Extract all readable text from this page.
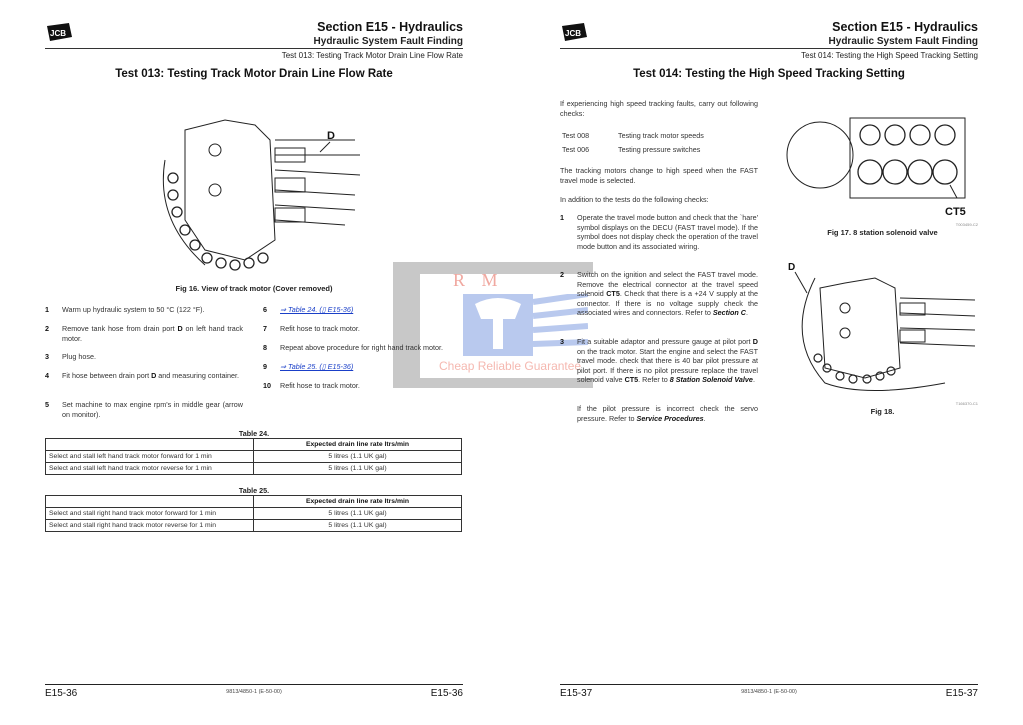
R M
Cheap Reliable Guarantee
JCB	Section E15 - Hydraulics
Hydraulic System Fault Finding
Test 013: Testing Track Motor Drain Line Flow Rate
Test 013: Testing Track Motor Drain Line Flow Rate
D
Fig 16. View of track motor (Cover removed)
1	Warm up hydraulic system to 50 °C (122 °F).
2	Remove tank hose from drain port D on left hand track motor.
3	Plug hose.
4	Fit hose between drain port D and measuring container.
5	Set machine to max engine rpm's in middle gear (arrow on monitor).
6	⇒ Table 24. (▯ E15-36)
7	Refit hose to track motor.
8	Repeat above procedure for right hand track motor.
9	⇒ Table 25. (▯ E15-36)
10	Refit hose to track motor.
Table 24.
	Expected drain line rate ltrs/min
Select and stall left hand track motor forward for 1 min	5 litres (1.1 UK gal)
Select and stall left hand track motor reverse for 1 min	5 litres (1.1 UK gal)
Table 25.
	Expected drain line rate ltrs/min
Select and stall right hand track motor forward for 1 min	5 litres (1.1 UK gal)
Select and stall right hand track motor reverse for 1 min	5 litres (1.1 UK gal)
E15-36	9813/4850-1 (E-50-00)	E15-36
JCB	Section E15 - Hydraulics
Hydraulic System Fault Finding
Test 014: Testing the High Speed Tracking Setting
Test 014: Testing the High Speed Tracking Setting
If experiencing high speed tracking faults, carry out following checks:
Test 008	Testing track motor speeds
Test 006	Testing pressure switches
The tracking motors change to high speed when the FAST travel mode is selected.
In addition to the tests do the following checks:
1	Operate the travel mode button and check that the `hare' symbol displays on the DECU (FAST travel mode). If the symbol does not display check the operation of the travel mode button and its associated wiring.
2	Switch on the ignition and select the FAST travel mode. Remove the electrical connector at the travel speed solenoid CT5. Check that there is a +24 V supply at the connector. If there is no voltage supply check the associated wires and connectors. Refer to Section C.
3	Fit a suitable adaptor and pressure gauge at pilot port D on the track motor. Start the engine and select the FAST travel mode. check that there is 40 bar pilot pressure at pilot port. If there is no pilot pressure replace the travel solenoid valve CT5. Refer to 8 Station Solenoid Valve.
If the pilot pressure is incorrect check the servo pressure. Refer to Service Procedures.
CT5
T003459-C2
Fig 17. 8 station solenoid valve
D
T166370-C1
Fig 18.
E15-37	9813/4850-1 (E-50-00)	E15-37
